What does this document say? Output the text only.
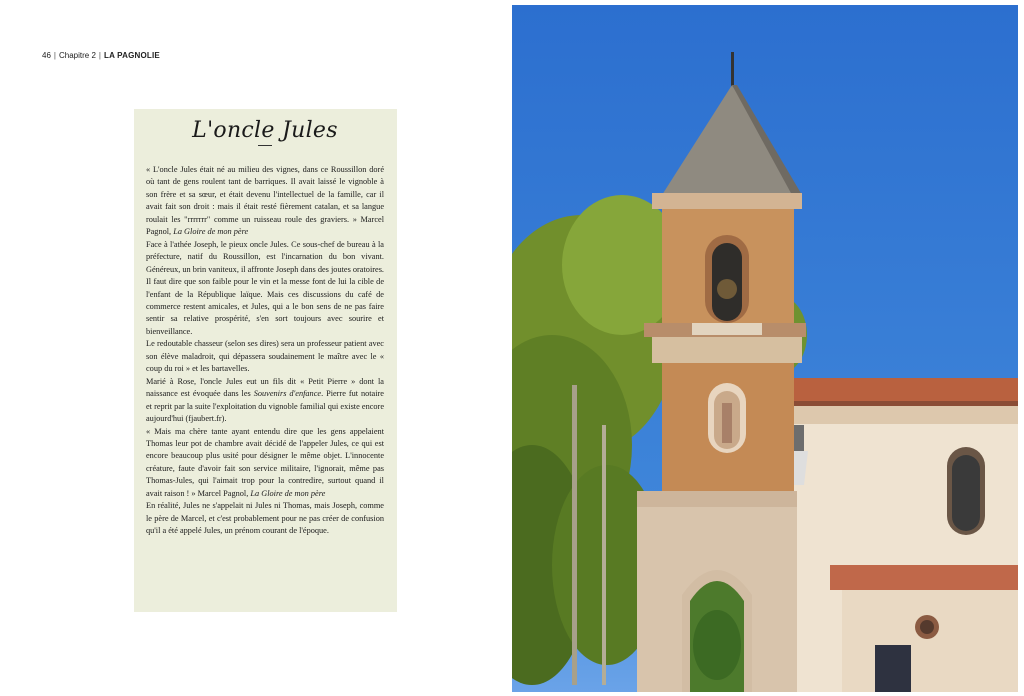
46 | Chapitre 2 | LA PAGNOLIE
L'oncle Jules

« L'oncle Jules était né au milieu des vignes, dans ce Roussillon doré où tant de gens roulent tant de barriques. Il avait laissé le vignoble à son frère et sa sœur, et était devenu l'intellectuel de la famille, car il avait fait son droit : mais il était resté fièrement catalan, et sa langue roulait les "rrrrrrr" comme un ruisseau roule des graviers. » Marcel Pagnol, La Gloire de mon père

Face à l'athée Joseph, le pieux oncle Jules. Ce sous-chef de bureau à la préfecture, natif du Roussillon, est l'incarnation du bon vivant. Généreux, un brin vaniteux, il affronte Joseph dans des joutes oratoires. Il faut dire que son faible pour le vin et la messe font de lui la cible de l'enfant de la République laïque. Mais ces discussions du café de commerce restent amicales, et Jules, qui a le bon sens de ne pas faire sentir sa relative prospérité, s'en sort toujours avec sourire et bienveillance.

Le redoutable chasseur (selon ses dires) sera un professeur patient avec son élève maladroit, qui dépassera soudainement le maître avec le « coup du roi » et les bartavelles.

Marié à Rose, l'oncle Jules eut un fils dit « Petit Pierre » dont la naissance est évoquée dans les Souvenirs d'enfance. Pierre fut notaire et reprit par la suite l'exploitation du vignoble familial qui existe encore aujourd'hui (fjaubert.fr).

« Mais ma chère tante ayant entendu dire que les gens appelaient Thomas leur pot de chambre avait décidé de l'appeler Jules, ce qui est encore beaucoup plus usité pour désigner le même objet. L'innocente créature, faute d'avoir fait son service militaire, l'ignorait, même pas Thomas-Jules, qui l'aimait trop pour la contredire, surtout quand il avait raison ! » Marcel Pagnol, La Gloire de mon père

En réalité, Jules ne s'appelait ni Jules ni Thomas, mais Joseph, comme le père de Marcel, et c'est probablement pour ne pas créer de confusion qu'il a été appelé Jules, un prénom courant de l'époque.
